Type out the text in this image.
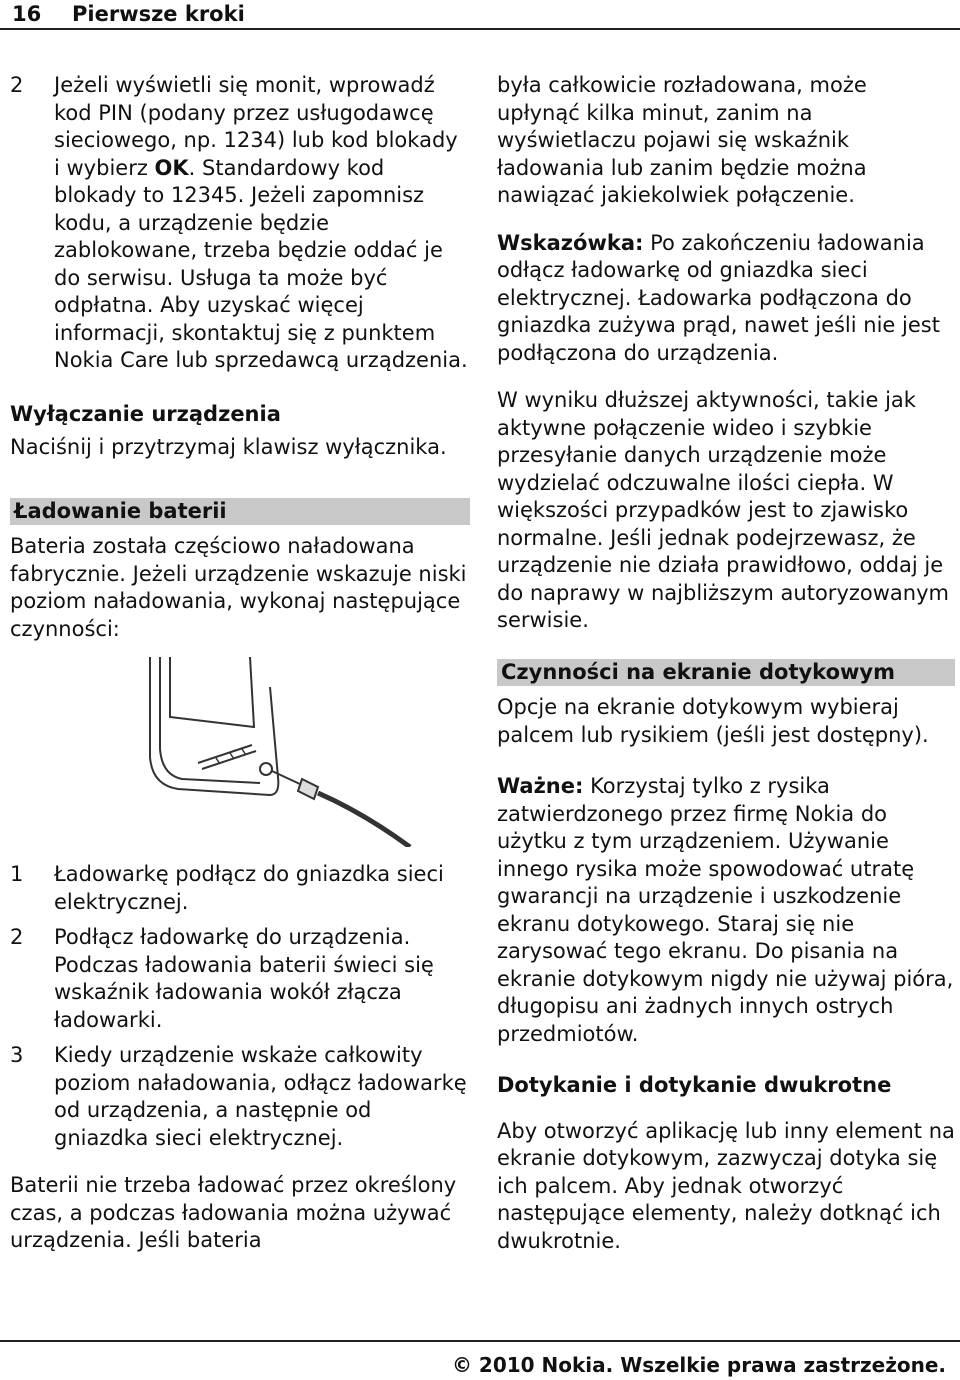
16 Pierwsze kroki
2	Jeżeli wyświetli się monit, wprowadź kod PIN (podany przez usługodawcę sieciowego, np. 1234) lub kod blokady i wybierz OK. Standardowy kod blokady to 12345. Jeżeli zapomnisz kodu, a urządzenie będzie zablokowane, trzeba będzie oddać je do serwisu. Usługa ta może być odpłatna. Aby uzyskać więcej informacji, skontaktuj się z punktem Nokia Care lub sprzedawcą urządzenia.

Wyłączanie urządzenia

Naciśnij i przytrzymaj klawisz wyłącznika.

Ładowanie baterii

Bateria została częściowo naładowana fabrycznie. Jeżeli urządzenie wskazuje niski poziom naładowania, wykonaj następujące czynności:

1	Ładowarkę podłącz do gniazdka sieci elektrycznej.

2	Podłącz ładowarkę do urządzenia. Podczas ładowania baterii świeci się wskaźnik ładowania wokół złącza ładowarki.

3	Kiedy urządzenie wskaże całkowity poziom naładowania, odłącz ładowarkę od urządzenia, a następnie od gniazdka sieci elektrycznej.

Baterii nie trzeba ładować przez określony czas, a podczas ładowania można używać urządzenia. Jeśli bateria

była całkowicie rozładowana, może upłynąć kilka minut, zanim na wyświetlaczu pojawi się wskaźnik ładowania lub zanim będzie można nawiązać jakiekolwiek połączenie.

Wskazówka: Po zakończeniu ładowania odłącz ładowarkę od gniazdka sieci elektrycznej. Ładowarka podłączona do gniazdka zużywa prąd, nawet jeśli nie jest podłączona do urządzenia.

W wyniku dłuższej aktywności, takie jak aktywne połączenie wideo i szybkie przesyłanie danych urządzenie może wydzielać odczuwalne ilości ciepła. W większości przypadków jest to zjawisko normalne. Jeśli jednak podejrzewasz, że urządzenie nie działa prawidłowo, oddaj je do naprawy w najbliższym autoryzowanym serwisie.

Czynności na ekranie dotykowym

Opcje na ekranie dotykowym wybieraj palcem lub rysikiem (jeśli jest dostępny).

Ważne: Korzystaj tylko z rysika zatwierdzonego przez firmę Nokia do użytku z tym urządzeniem. Używanie innego rysika może spowodować utratę gwarancji na urządzenie i uszkodzenie ekranu dotykowego. Staraj się nie zarysować tego ekranu. Do pisania na ekranie dotykowym nigdy nie używaj pióra, długopisu ani żadnych innych ostrych przedmiotów.

Dotykanie i dotykanie dwukrotne

Aby otworzyć aplikację lub inny element na ekranie dotykowym, zazwyczaj dotyka się ich palcem. Aby jednak otworzyć następujące elementy, należy dotknąć ich dwukrotnie.

© 2010 Nokia. Wszelkie prawa zastrzeżone.
